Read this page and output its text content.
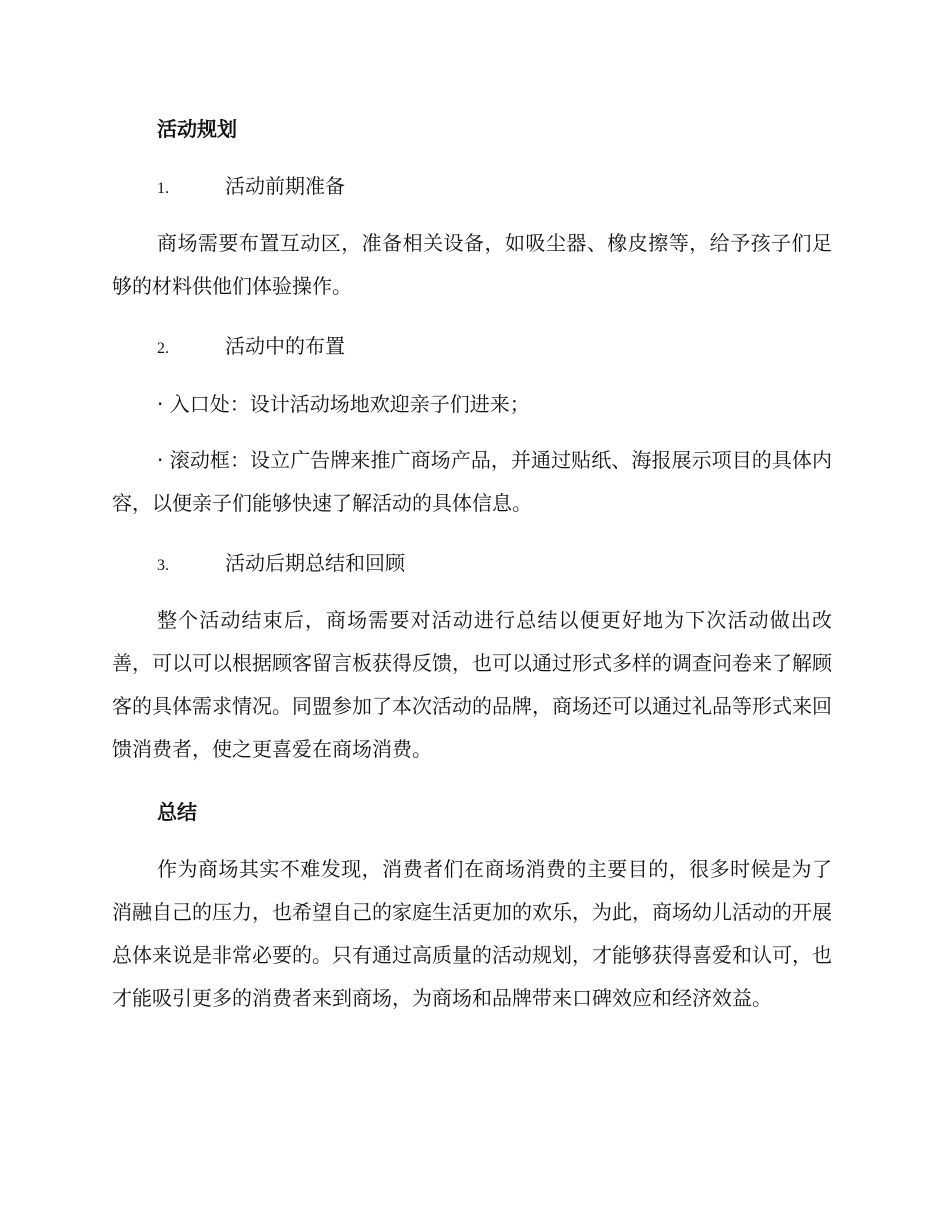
活动规划
1.	活动前期准备

商场需要布置互动区，准备相关设备，如吸尘器、橡皮擦等，给予孩子们足够的材料供他们体验操作。

2.	活动中的布置
· 入口处：设计活动场地欢迎亲子们进来；

· 滚动框：设立广告牌来推广商场产品，并通过贴纸、海报展示项目的具体内容，以便亲子们能够快速了解活动的具体信息。

3.	活动后期总结和回顾

整个活动结束后，商场需要对活动进行总结以便更好地为下次活动做出改善，可以可以根据顾客留言板获得反馈，也可以通过形式多样的调查问卷来了解顾客的具体需求情况。同盟参加了本次活动的品牌，商场还可以通过礼品等形式来回馈消费者，使之更喜爱在商场消费。

总结

作为商场其实不难发现，消费者们在商场消费的主要目的，很多时候是为了消融自己的压力，也希望自己的家庭生活更加的欢乐，为此，商场幼儿活动的开展总体来说是非常必要的。只有通过高质量的活动规划，才能够获得喜爱和认可，也才能吸引更多的消费者来到商场，为商场和品牌带来口碑效应和经济效益。
